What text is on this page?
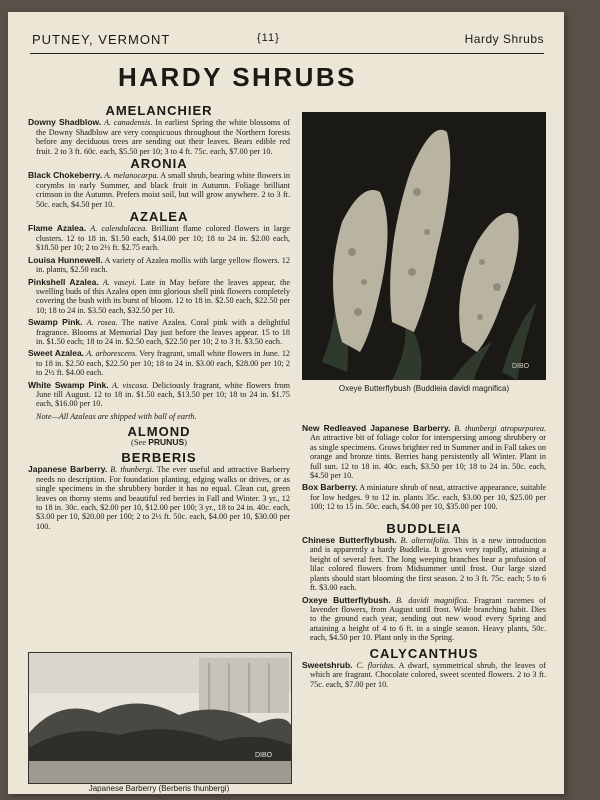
PUTNEY, VERMONT	{11}	Hardy Shrubs
HARDY SHRUBS
AMELANCHIER
Downy Shadblow. A. canadensis. In earliest Spring the white blossoms of the Downy Shadblow are very conspicuous throughout the Northern forests before any deciduous trees are sending out their leaves. Bears edible red fruit. 2 to 3 ft. 60c. each, $5.50 per 10; 3 to 4 ft. 75c. each, $7.00 per 10.
ARONIA
Black Chokeberry. A. melanocarpa. A small shrub, bearing white flowers in corymbs in early Summer, and black fruit in Autumn. Foliage brilliant crimson in the Autumn. Prefers moist soil, but will grow anywhere. 2 to 3 ft. 50c. each, $4.50 per 10.
AZALEA
Flame Azalea. A. calendulacea. Brilliant flame colored flowers in large clusters. 12 to 18 in. $1.50 each, $14.00 per 10; 18 to 24 in. $2.00 each, $18.50 per 10; 2 to 2½ ft. $2.75 each.
Louisa Hunnewell. A variety of Azalea mollis with large yellow flowers. 12 in. plants, $2.50 each.
Pinkshell Azalea. A. vaseyi. Late in May before the leaves appear, the swelling buds of this Azalea open into glorious shell pink flowers completely covering the bush with its burst of bloom. 12 to 18 in. $2.50 each, $22.50 per 10; 18 to 24 in. $3.50 each, $32.50 per 10.
Swamp Pink. A. rosea. The native Azalea. Coral pink with a delightful fragrance. Blooms at Memorial Day just before the leaves appear. 15 to 18 in. $1.50 each; 18 to 24 in. $2.50 each, $22.50 per 10; 2 to 3 ft. $3.50 each.
Sweet Azalea. A. arborescens. Very fragrant, small white flowers in June. 12 to 18 in. $2.50 each, $22.50 per 10; 18 to 24 in. $3.00 each, $28.00 per 10; 2 to 2½ ft. $4.00 each.
White Swamp Pink. A. viscosa. Deliciously fragrant, white flowers from June till August. 12 to 18 in. $1.50 each, $13.50 per 10; 18 to 24 in. $1.75 each, $16.00 per 10.
Note—All Azaleas are shipped with ball of earth.
ALMOND
(See PRUNUS)
BERBERIS
Japanese Barberry. B. thunbergi. The ever useful and attractive Barberry needs no description. For foundation planting, edging walks or drives, or as single specimens in the shrubbery border it has no equal. Clean cut, green leaves on thorny stems and beautiful red berries in Fall and Winter. 3 yr., 12 to 18 in. 30c. each, $2.00 per 10, $12.00 per 100; 3 yr., 18 to 24 in. 40c. each, $3.00 per 10, $20.00 per 100; 2 to 2½ ft. 50c. each, $4.00 per 10, $30.00 per 100.
DIBO
Oxeye Butterflybush (Buddleia davidi magnifica)
New Redleaved Japanese Barberry. B. thunbergi atropurpurea. An attractive bit of foliage color for interspersing among shrubbery or as single specimens. Grows brighter red in Summer and in Fall takes on orange and bronze tints. Berries hang persistently all Winter. Plant in full sun. 12 to 18 in. 40c. each, $3.50 per 10; 18 to 24 in. 50c. each, $4.50 per 10.
Box Barberry. A miniature shrub of neat, attractive appearance, suitable for low hedges. 9 to 12 in. plants 35c. each, $3.00 per 10, $25.00 per 100; 12 to 15 in. 50c. each, $4.00 per 10, $35.00 per 100.
BUDDLEIA
Chinese Butterflybush. B. alternifolia. This is a new introduction and is apparently a hardy Buddleia. It grows very rapidly, attaining a height of several feet. The long weeping branches bear a profusion of lilac colored flowers from Midsummer until frost. Our large sized plants should start blooming the first season. 2 to 3 ft. 75c. each; 5 to 6 ft. $3.00 each.
Oxeye Butterflybush. B. davidi magnifica. Fragrant racemes of lavender flowers, from August until frost. Wide branching habit. Dies to the ground each year, sending out new wood every Spring and attaining a height of 4 to 6 ft. in a single season. Heavy plants, 50c. each, $4.50 per 10. Plant only in the Spring.
CALYCANTHUS
Sweetshrub. C. floridus. A dwarf, symmetrical shrub, the leaves of which are fragrant. Chocolate colored, sweet scented flowers. 2 to 3 ft. 75c. each, $7.00 per 10.
DIBO
Japanese Barberry (Berberis thunbergi)
